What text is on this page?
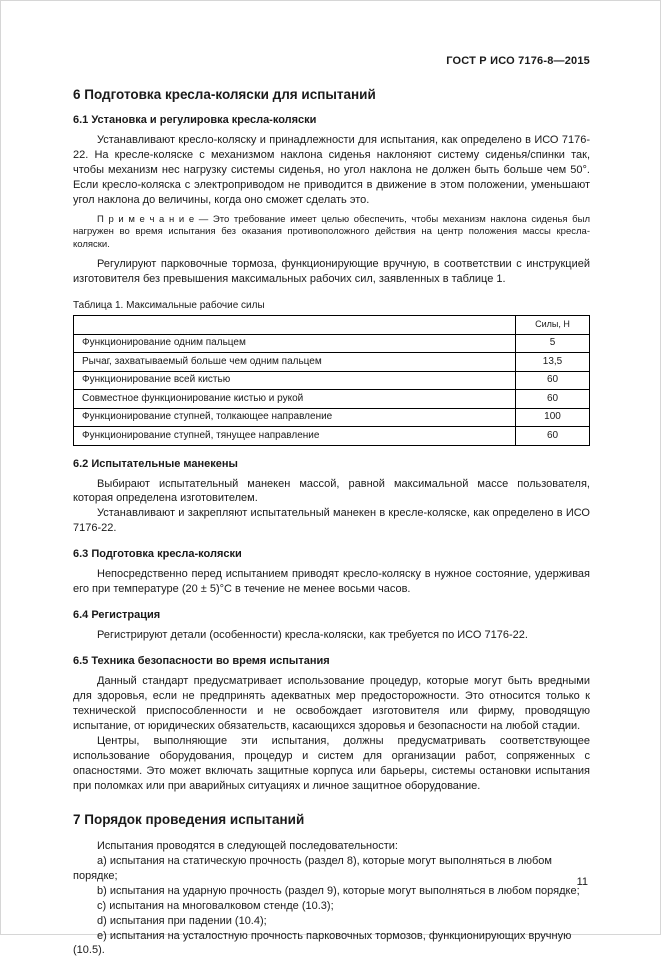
ГОСТ Р ИСО 7176-8—2015
6 Подготовка кресла-коляски для испытаний
6.1 Установка и регулировка кресла-коляски

Устанавливают кресло-коляску и принадлежности для испытания, как определено в ИСО 7176-22. На кресле-коляске с механизмом наклона сиденья наклоняют систему сиденья/спинки так, чтобы механизм нес нагрузку системы сиденья, но угол наклона не должен быть больше чем 50°. Если кресло-коляска с электроприводом не приводится в движение в этом положении, уменьшают угол наклона до величины, когда оно сможет сделать это.

П р и м е ч а н и е — Это требование имеет целью обеспечить, чтобы механизм наклона сиденья был нагружен во время испытания без оказания противоположного действия на центр положения массы кресла-коляски.

Регулируют парковочные тормоза, функционирующие вручную, в соответствии с инструкцией изготовителя без превышения максимальных рабочих сил, заявленных в таблице 1.

Таблица 1. Максимальные рабочие силы
	Силы, Н
Функционирование одним пальцем	5
Рычаг, захватываемый больше чем одним пальцем	13,5
Функционирование всей кистью	60
Совместное функционирование кистью и рукой	60
Функционирование ступней, толкающее направление	100
Функционирование ступней, тянущее направление	60
6.2 Испытательные манекены

Выбирают испытательный манекен массой, равной максимальной массе пользователя, которая определена изготовителем.

Устанавливают и закрепляют испытательный манекен в кресле-коляске, как определено в ИСО 7176-22.

6.3 Подготовка кресла-коляски

Непосредственно перед испытанием приводят кресло-коляску в нужное состояние, удерживая его при температуре (20 ± 5)°С в течение не менее восьми часов.

6.4 Регистрация

Регистрируют детали (особенности) кресла-коляски, как требуется по ИСО 7176-22.

6.5 Техника безопасности во время испытания

Данный стандарт предусматривает использование процедур, которые могут быть вредными для здоровья, если не предпринять адекватных мер предосторожности. Это относится только к технической приспособленности и не освобождает изготовителя или фирму, проводящую испытание, от юридических обязательств, касающихся здоровья и безопасности на любой стадии.

Центры, выполняющие эти испытания, должны предусматривать соответствующее использование оборудования, процедур и систем для организации работ, сопряженных с опасностями. Это может включать защитные корпуса или барьеры, системы остановки испытания при поломках или при аварийных ситуациях и личное защитное оборудование.

7 Порядок проведения испытаний

Испытания проводятся в следующей последовательности:

a) испытания на статическую прочность (раздел 8), которые могут выполняться в любом порядке;
b) испытания на ударную прочность (раздел 9), которые могут выполняться в любом порядке;
c) испытания на многовалковом стенде (10.3);
d) испытания при падении (10.4);
e) испытания на усталостную прочность парковочных тормозов, функционирующих вручную (10.5).
11
